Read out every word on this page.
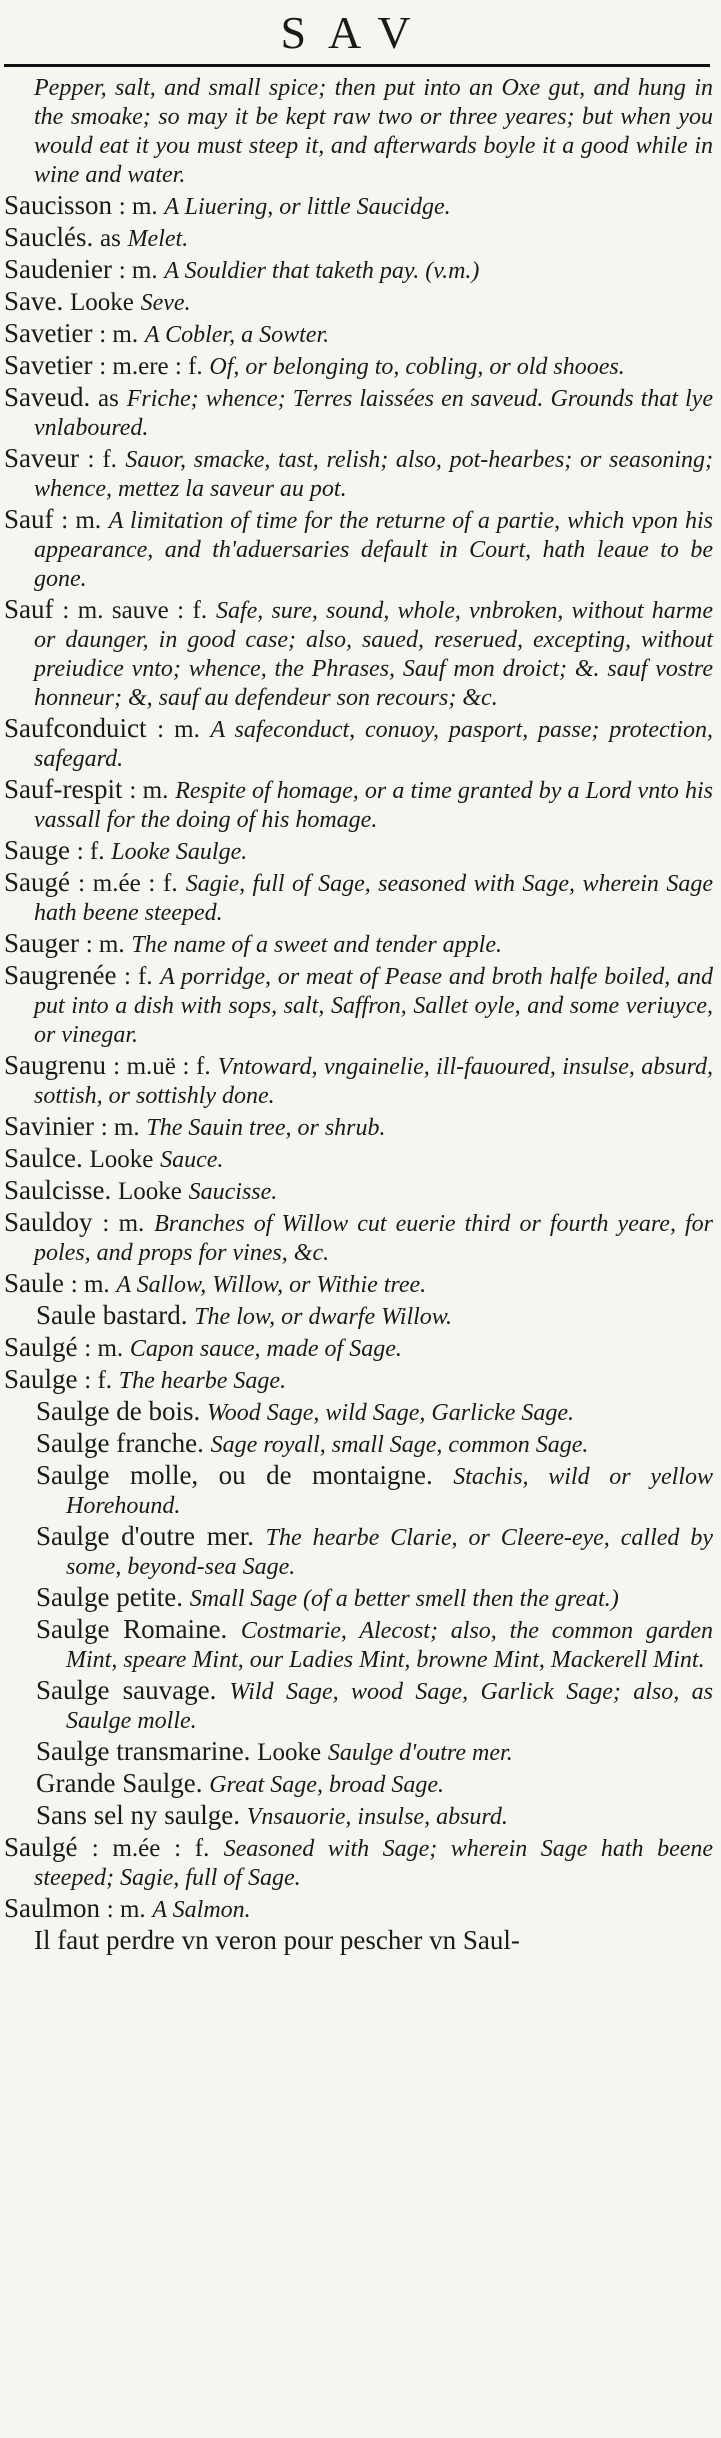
SAV
Pepper, salt, and small spice; then put into an Oxe gut, and hung in the smoake; so may it be kept raw two or three yeares; but when you would eat it you must steep it, and afterwards boyle it a good while in wine and water.
Saucisson : m. A Liuering, or little Saucidge.
Sauclés. as Melet.
Saudenier : m. A Souldier that taketh pay. (v.m.)
Save. Looke Seve.
Savetier : m. A Cobler, a Sowter.
Savetier : m.ere : f. Of, or belonging to, cobling, or old shooes.
Saveud. as Friche; whence; Terres laissées en saveud. Grounds that lye vnlaboured.
Saveur : f. Sauor, smacke, tast, relish; also, pot-hearbes; or seasoning; whence, mettez la saveur au pot.
Sauf : m. A limitation of time for the returne of a partie, which vpon his appearance, and th'aduersaries default in Court, hath leaue to be gone.
Sauf : m. sauve : f. Safe, sure, sound, whole, vnbroken, without harme or daunger, in good case; also, saued, reserued, excepting, without preiudice vnto; whence, the Phrases, Sauf mon droict; &. sauf vostre honneur; &, sauf au defendeur son recours; &c.
Saufconduict : m. A safeconduct, conuoy, pasport, passe; protection, safegard.
Sauf-respit : m. Respite of homage, or a time granted by a Lord vnto his vassall for the doing of his homage.
Sauge : f. Looke Saulge.
Saugé : m.ée : f. Sagie, full of Sage, seasoned with Sage, wherein Sage hath beene steeped.
Sauger : m. The name of a sweet and tender apple.
Saugrenée : f. A porridge, or meat of Pease and broth halfe boiled, and put into a dish with sops, salt, Saffron, Sallet oyle, and some veriuyce, or vinegar.
Saugrenu : m.uë : f. Vntoward, vngainelie, ill-fauoured, insulse, absurd, sottish, or sottishly done.
Savinier : m. The Sauin tree, or shrub.
Saulce. Looke Sauce.
Saulcisse. Looke Saucisse.
Sauldoy : m. Branches of Willow cut euerie third or fourth yeare, for poles, and props for vines, &c.
Saule : m. A Sallow, Willow, or Withie tree.
Saule bastard. The low, or dwarfe Willow.
Saulgé : m. Capon sauce, made of Sage.
Saulge : f. The hearbe Sage.
Saulge de bois. Wood Sage, wild Sage, Garlicke Sage.
Saulge franche. Sage royall, small Sage, common Sage.
Saulge molle, ou de montaigne. Stachis, wild or yellow Horehound.
Saulge d'outre mer. The hearbe Clarie, or Cleere-eye, called by some, beyond-sea Sage.
Saulge petite. Small Sage (of a better smell then the great.)
Saulge Romaine. Costmarie, Alecost; also, the common garden Mint, speare Mint, our Ladies Mint, browne Mint, Mackerell Mint.
Saulge sauvage. Wild Sage, wood Sage, Garlick Sage; also, as Saulge molle.
Saulge transmarine. Looke Saulge d'outre mer.
Grande Saulge. Great Sage, broad Sage.
Sans sel ny saulge. Vnsauorie, insulse, absurd.
Saulgé : m.ée : f. Seasoned with Sage; wherein Sage hath beene steeped; Sagie, full of Sage.
Saulmon : m. A Salmon.
Il faut perdre vn veron pour pescher vn Saul-
